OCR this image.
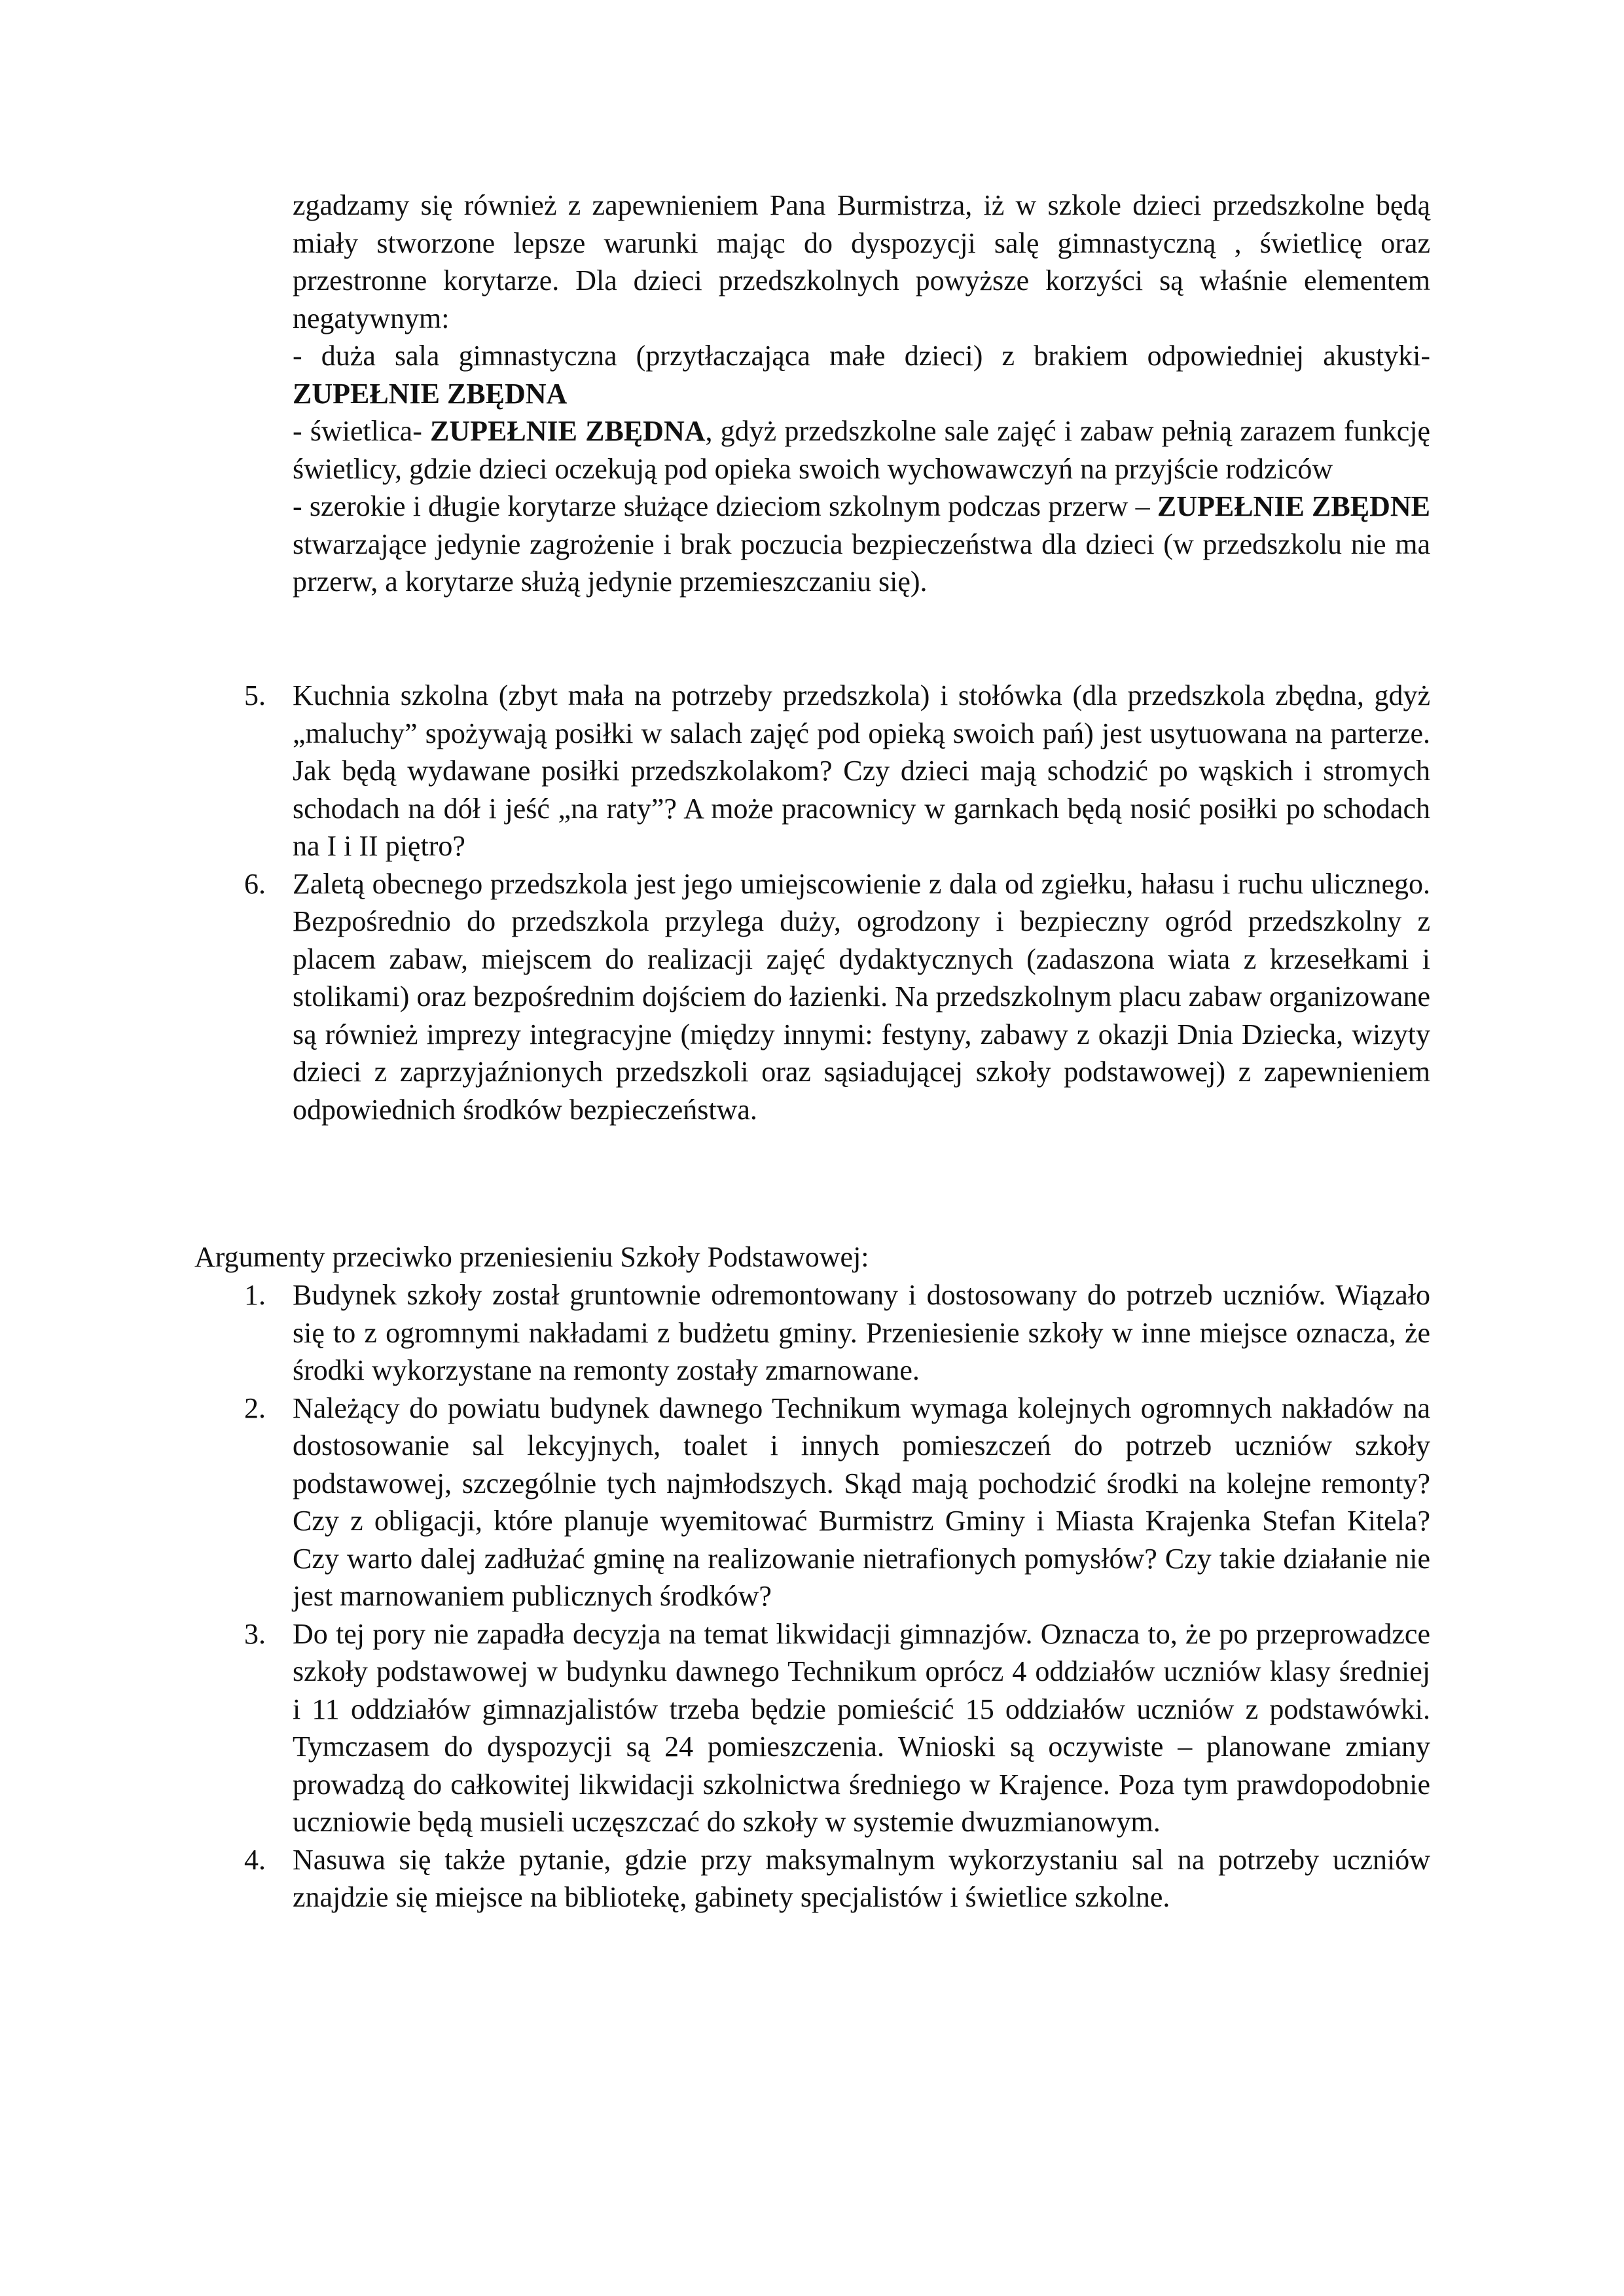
zgadzamy się również z zapewnieniem Pana Burmistrza, iż w szkole dzieci przedszkolne będą miały stworzone lepsze warunki mając do dyspozycji salę gimnastyczną , świetlicę oraz przestronne korytarze. Dla dzieci przedszkolnych powyższe korzyści są właśnie elementem negatywnym:

- duża sala gimnastyczna (przytłaczająca małe dzieci) z brakiem odpowiedniej akustyki- ZUPEŁNIE ZBĘDNA

- świetlica- ZUPEŁNIE ZBĘDNA, gdyż przedszkolne sale zajęć i zabaw pełnią zarazem funkcję świetlicy, gdzie dzieci oczekują pod opieka swoich wychowawczyń na przyjście rodziców

- szerokie i długie korytarze służące dzieciom szkolnym podczas przerw – ZUPEŁNIE ZBĘDNE stwarzające jedynie zagrożenie i brak poczucia bezpieczeństwa dla dzieci (w przedszkolu nie ma przerw, a korytarze służą jedynie przemieszczaniu się).

5. Kuchnia szkolna (zbyt mała na potrzeby przedszkola) i stołówka (dla przedszkola zbędna, gdyż „maluchy” spożywają posiłki w salach zajęć pod opieką swoich pań) jest usytuowana na parterze. Jak będą wydawane posiłki przedszkolakom? Czy dzieci mają schodzić po wąskich i stromych schodach na dół i jeść „na raty”? A może pracownicy w garnkach będą nosić posiłki po schodach na I i II piętro?
6. Zaletą obecnego przedszkola jest jego umiejscowienie z dala od zgiełku, hałasu i ruchu ulicznego. Bezpośrednio do przedszkola przylega duży, ogrodzony i bezpieczny ogród przedszkolny z placem zabaw, miejscem do realizacji zajęć dydaktycznych (zadaszona wiata z krzesełkami i stolikami) oraz bezpośrednim dojściem do łazienki. Na przedszkolnym placu zabaw organizowane są również imprezy integracyjne (między innymi: festyny, zabawy z okazji Dnia Dziecka, wizyty dzieci z zaprzyjaźnionych przedszkoli oraz sąsiadującej szkoły podstawowej) z zapewnieniem odpowiednich środków bezpieczeństwa.
Argumenty przeciwko przeniesieniu Szkoły Podstawowej:
1. Budynek szkoły został gruntownie odremontowany i dostosowany do potrzeb uczniów. Wiązało się to z ogromnymi nakładami z budżetu gminy. Przeniesienie szkoły w inne miejsce oznacza, że środki wykorzystane na remonty zostały zmarnowane.
2. Należący do powiatu budynek dawnego Technikum wymaga kolejnych ogromnych nakładów na dostosowanie sal lekcyjnych, toalet i innych pomieszczeń do potrzeb uczniów szkoły podstawowej, szczególnie tych najmłodszych. Skąd mają pochodzić środki na kolejne remonty? Czy z obligacji, które planuje wyemitować Burmistrz Gminy i Miasta Krajenka Stefan Kitela? Czy warto dalej zadłużać gminę na realizowanie nietrafionych pomysłów? Czy takie działanie nie jest marnowaniem publicznych środków?
3. Do tej pory nie zapadła decyzja na temat likwidacji gimnazjów. Oznacza to, że po przeprowadzce szkoły podstawowej w budynku dawnego Technikum oprócz 4 oddziałów uczniów klasy średniej i 11 oddziałów gimnazjalistów trzeba będzie pomieścić 15 oddziałów uczniów z podstawówki. Tymczasem do dyspozycji są 24 pomieszczenia. Wnioski są oczywiste – planowane zmiany prowadzą do całkowitej likwidacji szkolnictwa średniego w Krajence. Poza tym prawdopodobnie uczniowie będą musieli uczęszczać do szkoły w systemie dwuzmianowym.
4. Nasuwa się także pytanie, gdzie przy maksymalnym wykorzystaniu sal na potrzeby uczniów znajdzie się miejsce na bibliotekę, gabinety specjalistów i świetlice szkolne.
